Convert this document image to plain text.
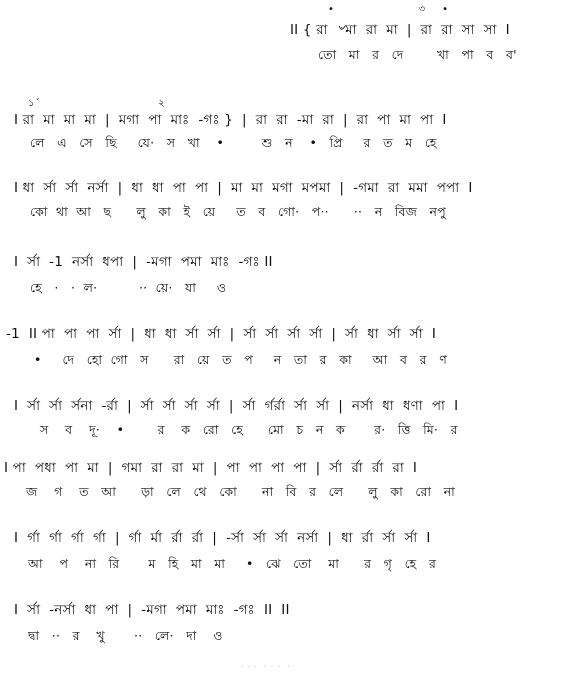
•                         ৩     •
II { রা  ৺মা  রা  মা  |  রা  রা  সা  সা  I
তো   মা   র   দে        খা   পা   ব   ব'
১´                                   ২
I রা  মা  মা  মা  |  মগা  পা  মাঃ  -গঃ }  |  রা  রা  -মা  রা  |  রা  পা  মা  পা  I
লে   এ   সে   ছি     যে·   স   খা    •         শু   ন    •   প্রি     র   ত   ম   হে
I ধা  র্সা  র্সা  নর্সা  |  ধা  ধা  পা  পা  |  মা  মা  মগা  মপমা  |  -গমা  রা  মমা  পপা  I
কো  থা  আ   ছ      লু   কা   ই   য়ে     ত   ব   গো·   প··      ··   ন   বিজ   নপু
I  র্সা  -1  নর্সা  ধপা  |  -মগা  পমা  মাঃ  -গঃ II
হে   ·   ·  ল·          ··  য়ে·   যা     ও
-1  II পা  পা  পা  র্সা  |  ধা  ধা  র্সা  র্সা  |  র্সা  র্সা  র্সা  র্সা  |  র্সা  ধা  র্সা  র্সা  I
•     দে   হো  গো   স      রা   য়ে   ত   প     ন   তা   র   কা     আ   ব   র   ণ
I  র্সা  র্সা  র্সনা  -র্রা  |  র্সা  র্সা  র্সা  র্সা  |  র্সা  র্গর্রা  র্সা  র্সা  |  নর্সা  ধা  ধণা  পা  I
স    ব    দূ·    •        র    ক   রো   হে      মো   চ   ন   ক       র·   ত্তি   মি·   র
I পা  পধা  পা  মা  |  গমা  রা  রা  মা  |  পা  পা  পা  পা  |  র্সা  র্রা  র্রা  রা  I
জ    গ    ত   আ      ড়া   লে   থে   কো      না   বি   র   লে      লু   কা   রো   না
I  র্গা  র্গা  র্গা  র্গা  |  র্গা  র্মা  র্রা  র্রা  |  -র্সা  র্সা  র্সা  নর্সা  |  ধা  র্রা  র্সা  র্সা  I
আ    প    না   রি       ম   হি   মা   মা     •   ঝে   তো    মা      র   গৃ   হে   র
I  র্সা  -নর্সা  ধা  পা  |  -মগা  পমা  মাঃ  -গঃ  II  II
দ্বা   ··   র    খু       ··   লে·   দা    ও
· · ·  · · ·  ·
